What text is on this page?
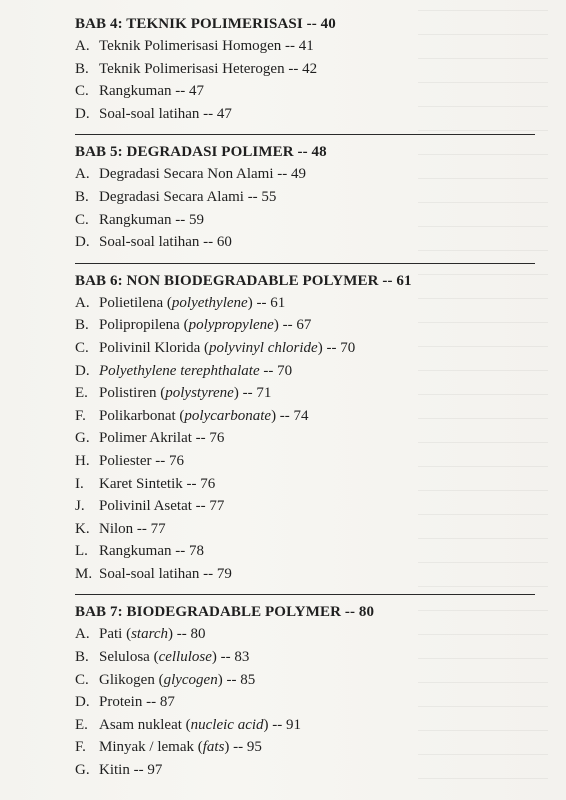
BAB 4: TEKNIK POLIMERISASI -- 40
A. Teknik Polimerisasi Homogen -- 41
B. Teknik Polimerisasi Heterogen -- 42
C. Rangkuman -- 47
D. Soal-soal latihan -- 47
BAB 5: DEGRADASI POLIMER -- 48
A. Degradasi Secara Non Alami -- 49
B. Degradasi Secara Alami -- 55
C. Rangkuman -- 59
D. Soal-soal latihan -- 60
BAB 6: NON BIODEGRADABLE POLYMER -- 61
A. Polietilena (polyethylene) -- 61
B. Polipropilena (polypropylene) -- 67
C. Polivinil Klorida (polyvinyl chloride) -- 70
D. Polyethylene terephthalate -- 70
E. Polistiren (polystyrene) -- 71
F. Polikarbonat (polycarbonate) -- 74
G. Polimer Akrilat -- 76
H. Poliester -- 76
I.	Karet Sintetik -- 76
J. Polivinil Asetat -- 77
K. Nilon -- 77
L. Rangkuman -- 78
M. Soal-soal latihan -- 79
BAB 7: BIODEGRADABLE POLYMER -- 80
A. Pati (starch) -- 80
B. Selulosa (cellulose) -- 83
C. Glikogen (glycogen) -- 85
D. Protein -- 87
E. Asam nukleat (nucleic acid) -- 91
F. Minyak / lemak (fats) -- 95
G. Kitin -- 97
